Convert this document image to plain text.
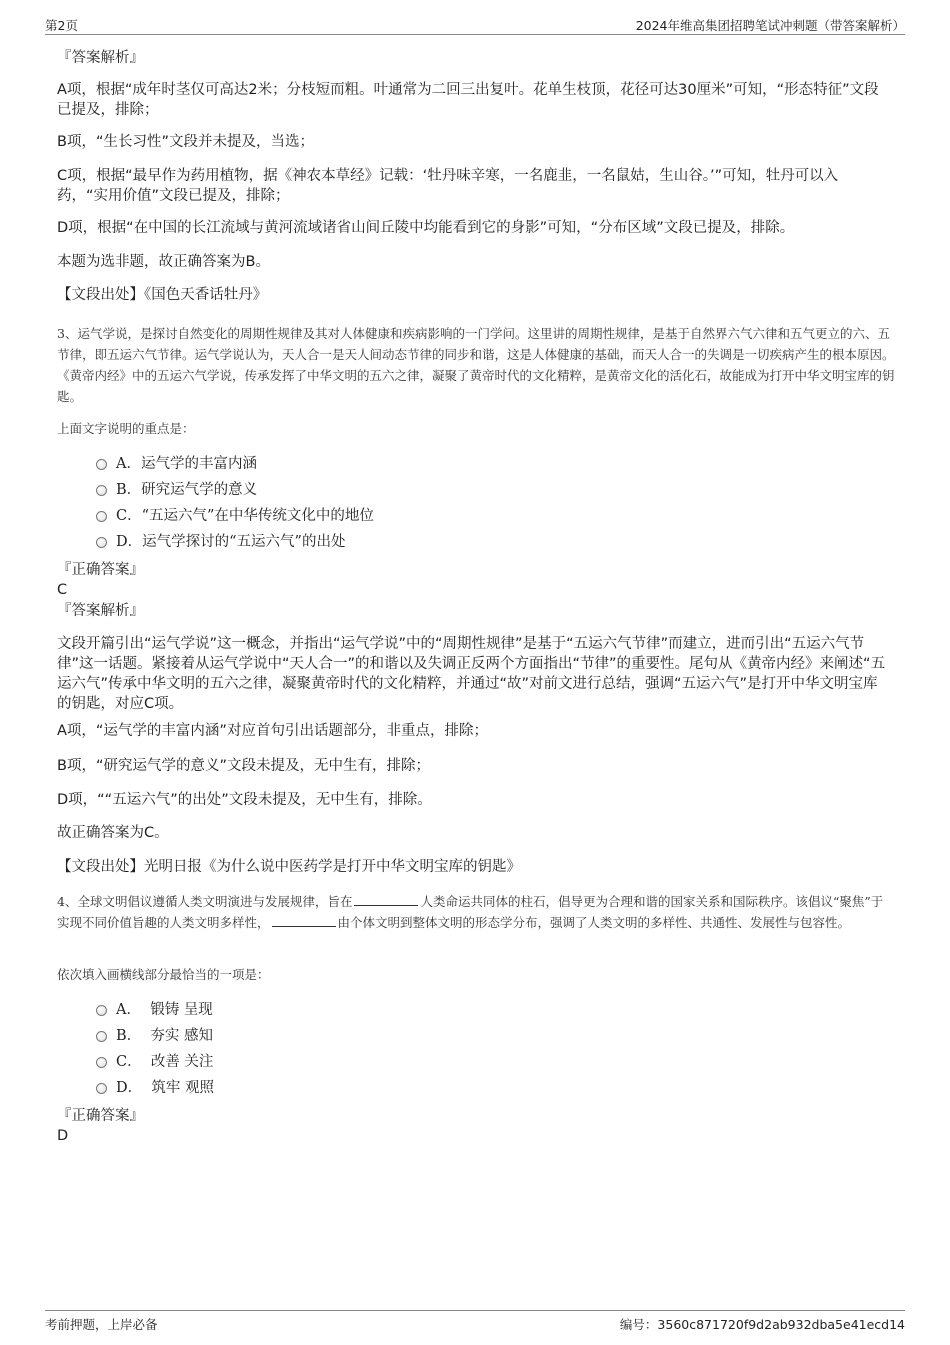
第2页	2024年维高集团招聘笔试冲刺题（带答案解析）
『答案解析』

A项，根据“成年时茎仅可高达2米；分枝短而粗。叶通常为二回三出复叶。花单生枝顶，花径可达30厘米”可知，“形态特征”文段已提及，排除；

B项，“生长习性”文段并未提及，当选；

C项，根据“最早作为药用植物，据《神农本草经》记载：‘牡丹味辛寒，一名鹿韭，一名鼠姑，生山谷。’”可知，牡丹可以入药，“实用价值”文段已提及，排除；

D项，根据“在中国的长江流域与黄河流域诸省山间丘陵中均能看到它的身影”可知，“分布区域”文段已提及，排除。

本题为选非题，故正确答案为B。

【文段出处】《国色天香话牡丹》

3、运气学说，是探讨自然变化的周期性规律及其对人体健康和疾病影响的一门学问。这里讲的周期性规律，是基于自然界六气六律和五气更立的六、五节律，即五运六气节律。运气学说认为，天人合一是天人间动态节律的同步和谐，这是人体健康的基础，而天人合一的失调是一切疾病产生的根本原因。《黄帝内经》中的五运六气学说，传承发挥了中华文明的五六之律，凝聚了黄帝时代的文化精粹，是黄帝文化的活化石，故能成为打开中华文明宝库的钥匙。

上面文字说明的重点是：

A．运气学的丰富内涵
B．研究运气学的意义
C．“五运六气”在中华传统文化中的地位
D．运气学探讨的“五运六气”的出处
『正确答案』
C
『答案解析』

文段开篇引出“运气学说”这一概念，并指出“运气学说”中的“周期性规律”是基于“五运六气节律”而建立，进而引出“五运六气节律”这一话题。紧接着从运气学说中“天人合一”的和谐以及失调正反两个方面指出“节律”的重要性。尾句从《黄帝内经》来阐述“五运六气”传承中华文明的五六之律，凝聚黄帝时代的文化精粹，并通过“故”对前文进行总结，强调“五运六气”是打开中华文明宝库的钥匙，对应C项。

A项，“运气学的丰富内涵”对应首句引出话题部分，非重点，排除；

B项，“研究运气学的意义”文段未提及，无中生有，排除；

D项，““五运六气”的出处”文段未提及，无中生有，排除。

故正确答案为C。

【文段出处】光明日报《为什么说中医药学是打开中华文明宝库的钥匙》

4、全球文明倡议遵循人类文明演进与发展规律，旨在	人类命运共同体的柱石，倡导更为合理和谐的国家关系和国际秩序。该倡议“聚焦”于实现不同价值旨趣的人类文明多样性，	由个体文明到整体文明的形态学分布，强调了人类文明的多样性、共通性、发展性与包容性。

依次填入画横线部分最恰当的一项是：

A．  锻铸 呈现
B．  夯实 感知
C．  改善 关注
D．  筑牢 观照
『正确答案』
D
考前押题，上岸必备	编号：3560c871720f9d2ab932dba5e41ecd14
